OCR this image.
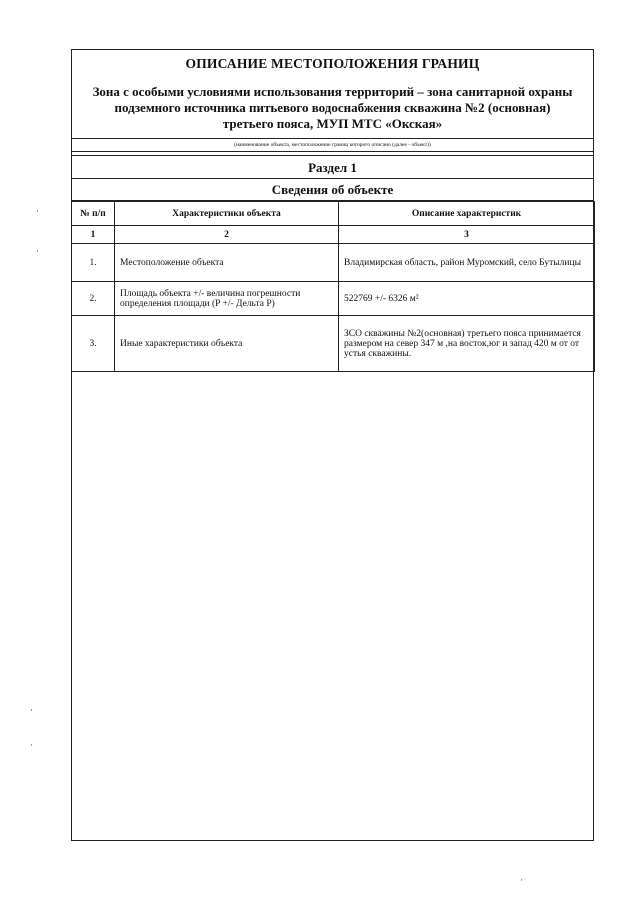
ОПИСАНИЕ МЕСТОПОЛОЖЕНИЯ ГРАНИЦ
Зона с особыми условиями использования территорий – зона санитарной охраны
подземного источника питьевого водоснабжения скважина №2 (основная)
третьего пояса, МУП МТС «Окская»
(наименование объекта, местоположение границ которого описано (далее - объект))
Раздел 1
Сведения об объекте
№ п/п	Характеристики объекта	Описание характеристик
1	2	3
1.	Местоположение объекта	Владимирская область, район Муромский, село Бутылицы
2.	Площадь объекта +/- величина погрешности определения площади (P +/- Дельта P)	522769 +/- 6326 м²
3.	Иные характеристики объекта	ЗСО скважины №2(основная) третьего пояса принимается размером на север 347 м ,на восток,юг и запад 420 м от от устья скважины.
·
·
·
·
·
